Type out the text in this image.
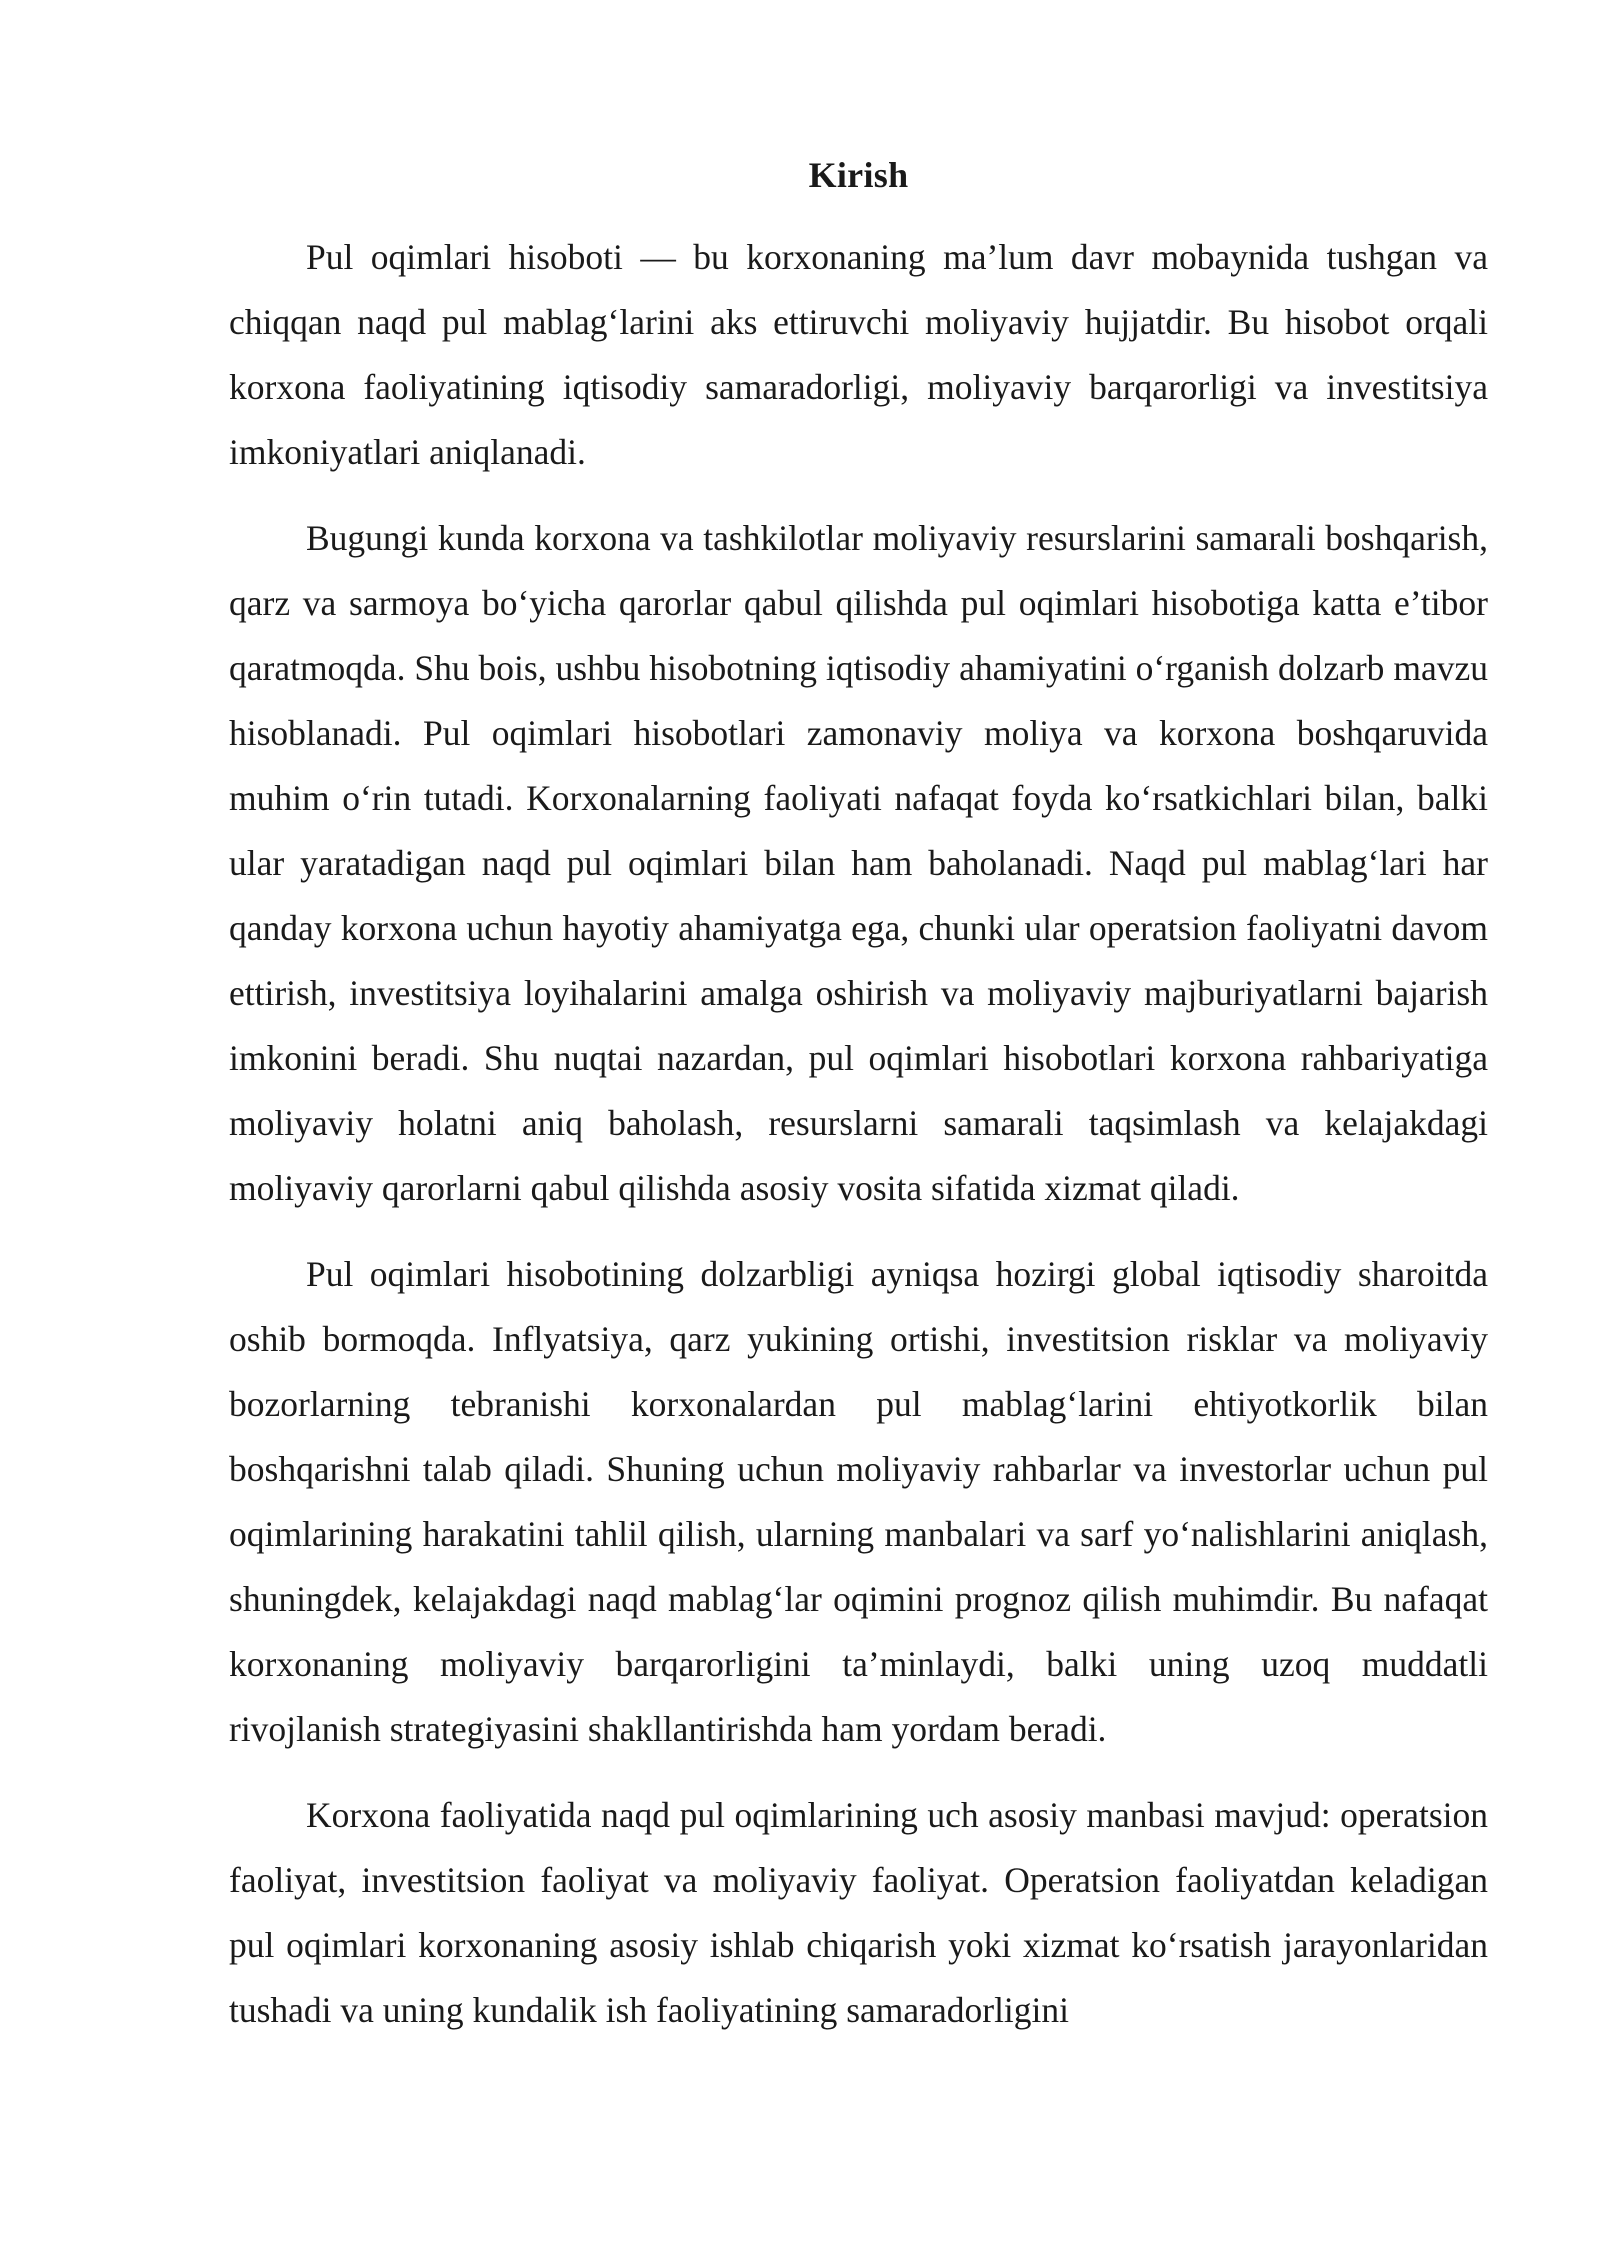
Kirish

Pul oqimlari hisoboti — bu korxonaning ma’lum davr mobaynida tushgan va chiqqan naqd pul mablag‘larini aks ettiruvchi moliyaviy hujjatdir. Bu hisobot orqali korxona faoliyatining iqtisodiy samaradorligi, moliyaviy barqarorligi va investitsiya imkoniyatlari aniqlanadi.

Bugungi kunda korxona va tashkilotlar moliyaviy resurslarini samarali boshqarish, qarz va sarmoya bo‘yicha qarorlar qabul qilishda pul oqimlari hisobotiga katta e’tibor qaratmoqda. Shu bois, ushbu hisobotning iqtisodiy ahamiyatini o‘rganish dolzarb mavzu hisoblanadi. Pul oqimlari hisobotlari zamonaviy moliya va korxona boshqaruvida muhim o‘rin tutadi. Korxonalarning faoliyati nafaqat foyda ko‘rsatkichlari bilan, balki ular yaratadigan naqd pul oqimlari bilan ham baholanadi. Naqd pul mablag‘lari har qanday korxona uchun hayotiy ahamiyatga ega, chunki ular operatsion faoliyatni davom ettirish, investitsiya loyihalarini amalga oshirish va moliyaviy majburiyatlarni bajarish imkonini beradi. Shu nuqtai nazardan, pul oqimlari hisobotlari korxona rahbariyatiga moliyaviy holatni aniq baholash, resurslarni samarali taqsimlash va kelajakdagi moliyaviy qarorlarni qabul qilishda asosiy vosita sifatida xizmat qiladi.

Pul oqimlari hisobotining dolzarbligi ayniqsa hozirgi global iqtisodiy sharoitda oshib bormoqda. Inflyatsiya, qarz yukining ortishi, investitsion risklar va moliyaviy bozorlarning tebranishi korxonalardan pul mablag‘larini ehtiyotkorlik bilan boshqarishni talab qiladi. Shuning uchun moliyaviy rahbarlar va investorlar uchun pul oqimlarining harakatini tahlil qilish, ularning manbalari va sarf yo‘nalishlarini aniqlash, shuningdek, kelajakdagi naqd mablag‘lar oqimini prognoz qilish muhimdir. Bu nafaqat korxonaning moliyaviy barqarorligini ta’minlaydi, balki uning uzoq muddatli rivojlanish strategiyasini shakllantirishda ham yordam beradi.

Korxona faoliyatida naqd pul oqimlarining uch asosiy manbasi mavjud: operatsion faoliyat, investitsion faoliyat va moliyaviy faoliyat. Operatsion faoliyatdan keladigan pul oqimlari korxonaning asosiy ishlab chiqarish yoki xizmat ko‘rsatish jarayonlaridan tushadi va uning kundalik ish faoliyatining samaradorligini
